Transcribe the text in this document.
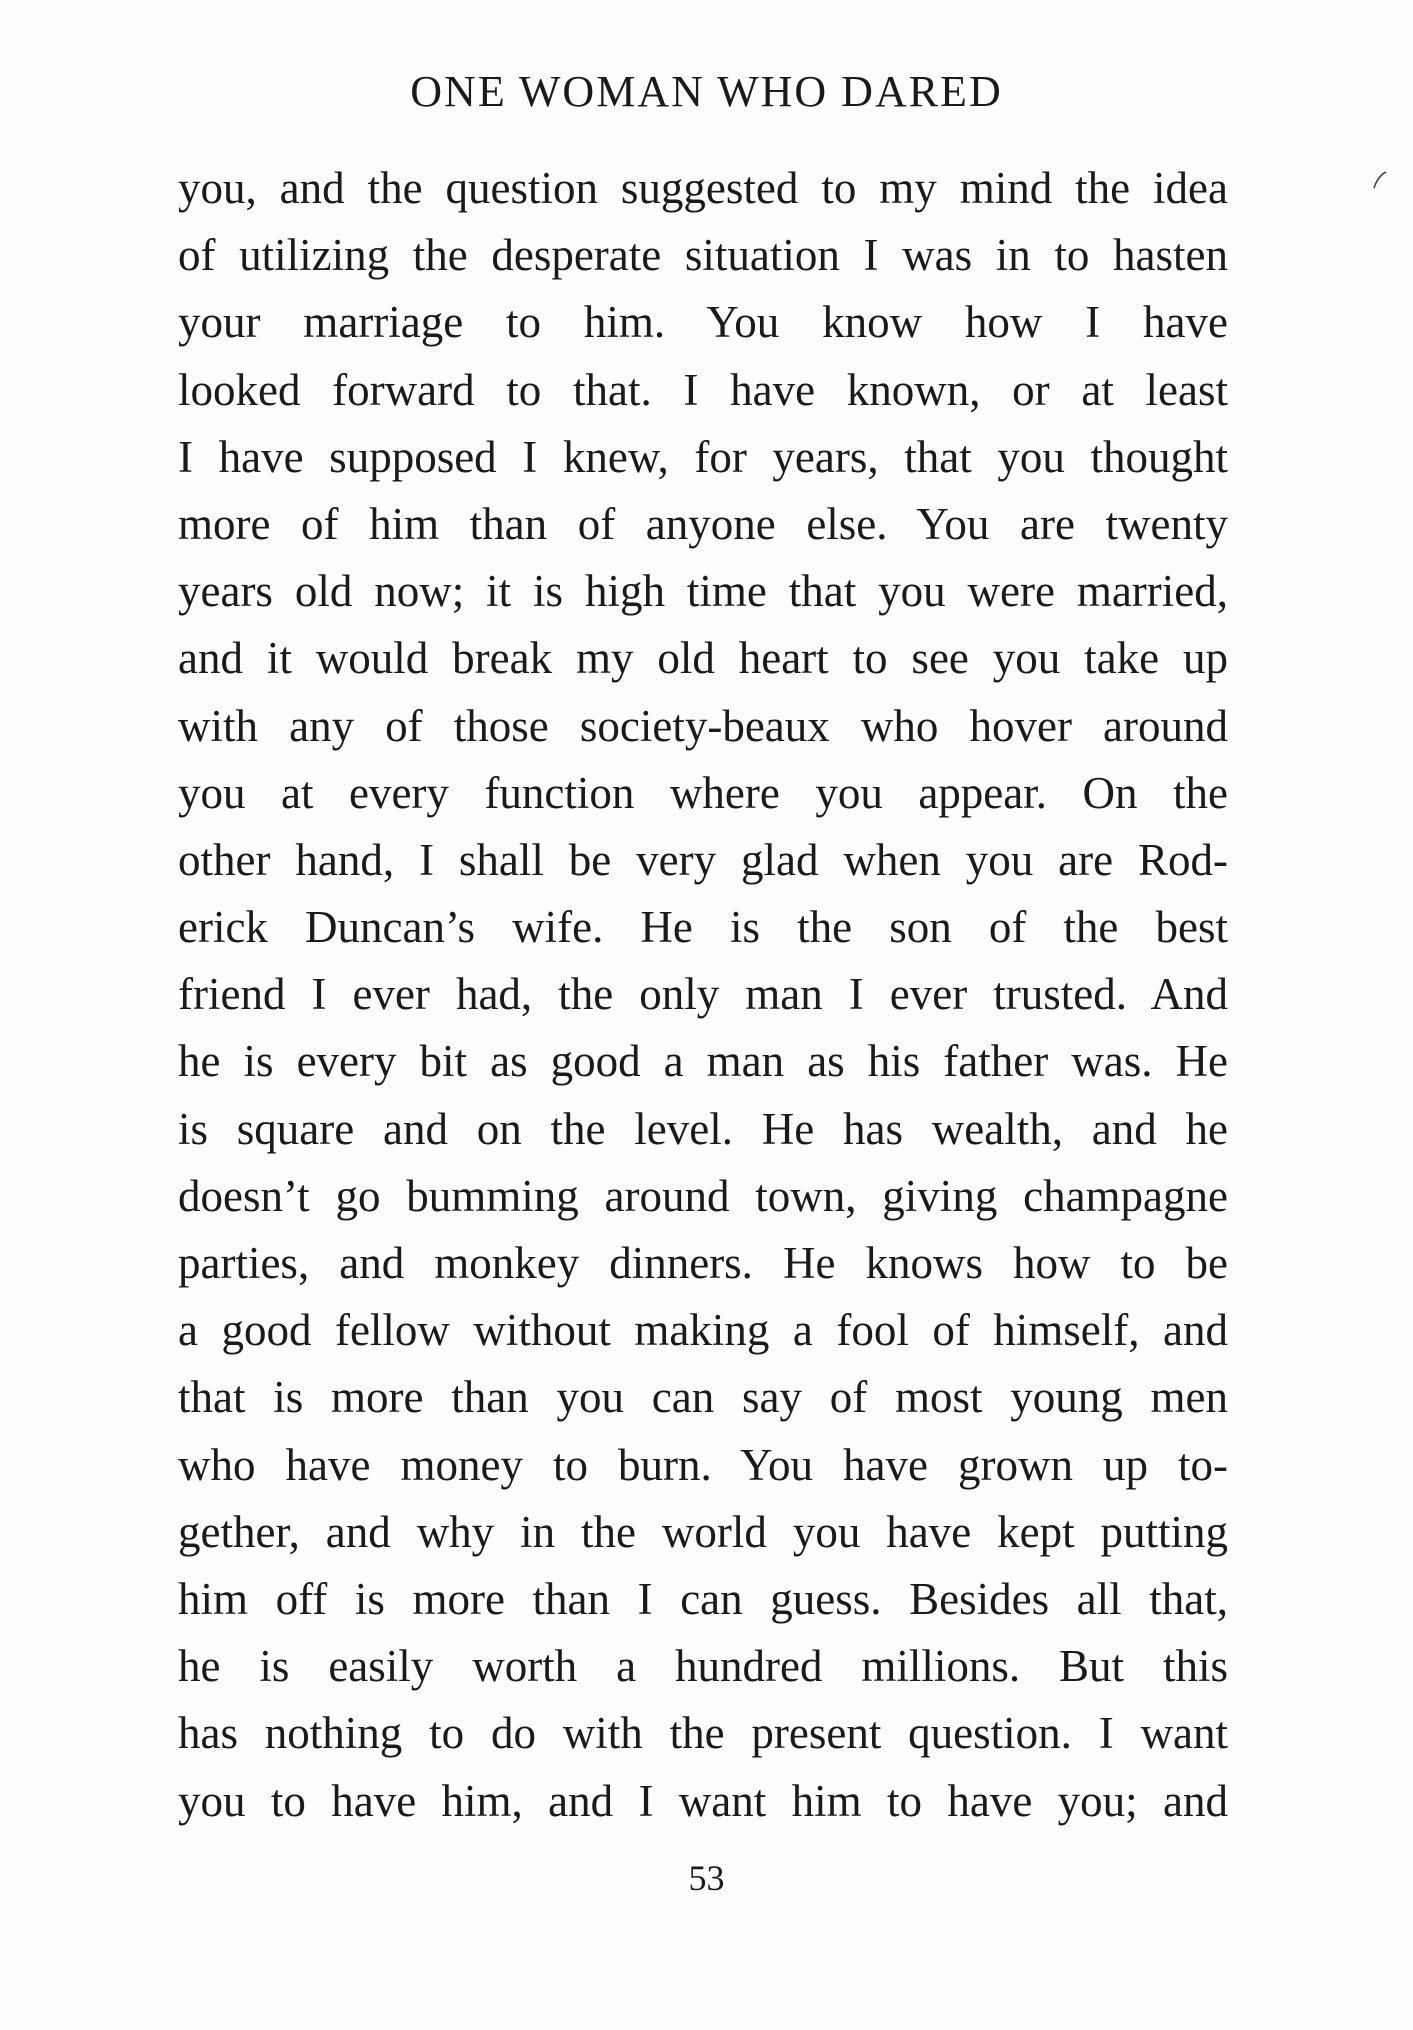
ONE WOMAN WHO DARED
you, and the question suggested to my mind the idea
of utilizing the desperate situation I was in to hasten
your marriage to him. You know how I have
looked forward to that. I have known, or at least
I have supposed I knew, for years, that you thought
more of him than of anyone else. You are twenty
years old now; it is high time that you were married,
and it would break my old heart to see you take up
with any of those society-beaux who hover around
you at every function where you appear. On the
other hand, I shall be very glad when you are Rod-
erick Duncan’s wife. He is the son of the best
friend I ever had, the only man I ever trusted. And
he is every bit as good a man as his father was. He
is square and on the level. He has wealth, and he
doesn’t go bumming around town, giving champagne
parties, and monkey dinners. He knows how to be
a good fellow without making a fool of himself, and
that is more than you can say of most young men
who have money to burn. You have grown up to-
gether, and why in the world you have kept putting
him off is more than I can guess. Besides all that,
he is easily worth a hundred millions. But this
has nothing to do with the present question. I want
you to have him, and I want him to have you; and
53
